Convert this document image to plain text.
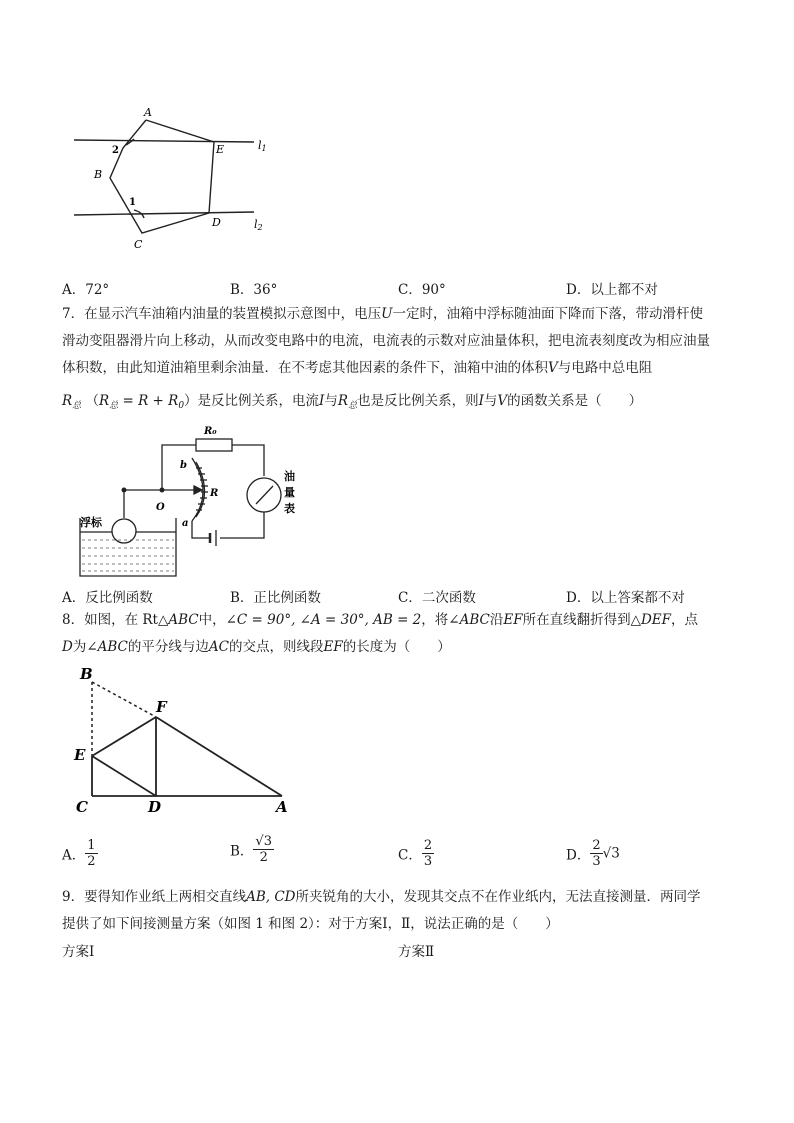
A
E
B
D
C
1
2	l1
l2
A．72°	B．36°	C．90°	D．以上都不对
7．在显示汽车油箱内油量的装置模拟示意图中，电压U一定时，油箱中浮标随油面下降而下落，带动滑杆使
滑动变阻器滑片向上移动，从而改变电路中的电流，电流表的示数对应油量体积，把电流表刻度改为相应油量
体积数，由此知道油箱里剩余油量．在不考虑其他因素的条件下，油箱中油的体积V与电路中总电阻
$R_总$ $(R_总 = R + R_0)$是反比例关系，电流I与$R_总$也是反比例关系，则I与V的函数关系是（　　）
R₀
b
R
O
a
浮标
油
量
表
A．反比例函数	B．正比例函数	C．二次函数	D．以上答案都不对
8．如图，在 Rt△ABC中，∠C = 90°, ∠A = 30°, AB = 2，将∠ABC沿EF所在直线翻折得到△DEF，点
D为∠ABC的平分线与边AC的交点，则线段EF的长度为（　　）
B
F
E
C	D	A
A． $\frac{1}{2}$	B． $\frac{√3}{2}$	C． $\frac{2}{3}$	D． $\frac{2}{3} √3$
9．要得知作业纸上两相交直线AB, CD所夹锐角的大小，发现其交点不在作业纸内，无法直接测量．两同学
提供了如下间接测量方案（如图 1 和图 2）：对于方案Ⅰ，Ⅱ，说法正确的是（　　）
方案Ⅰ	方案Ⅱ
